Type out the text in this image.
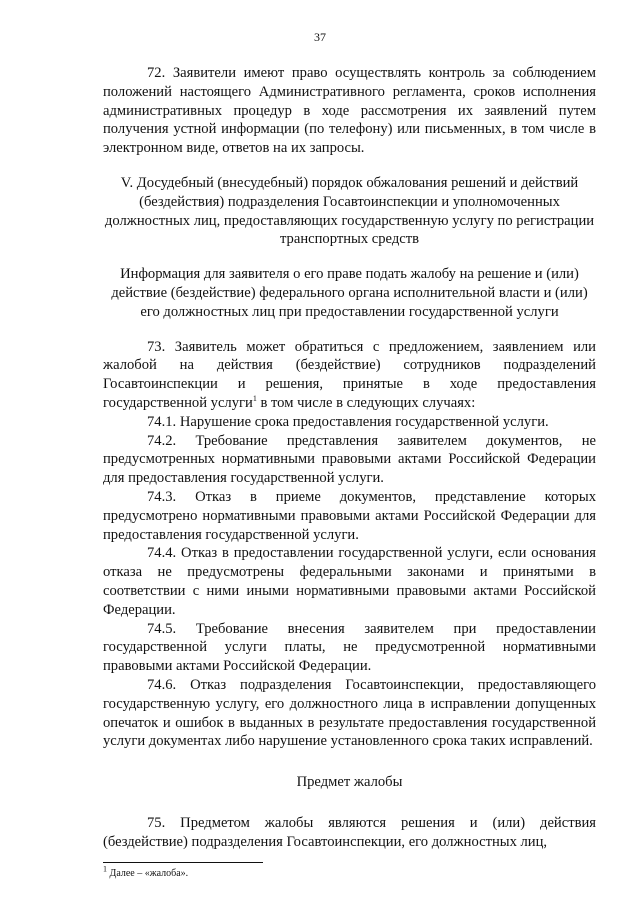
37

72. Заявители имеют право осуществлять контроль за соблюдением положений настоящего Административного регламента, сроков исполнения административных процедур в ходе рассмотрения их заявлений путем получения устной информации (по телефону) или письменных, в том числе в электронном виде, ответов на их запросы.

V. Досудебный (внесудебный) порядок обжалования решений и действий (бездействия) подразделения Госавтоинспекции и уполномоченных должностных лиц, предоставляющих государственную услугу по регистрации транспортных средств

Информация для заявителя о его праве подать жалобу на решение и (или) действие (бездействие) федерального органа исполнительной власти и (или) его должностных лиц при предоставлении государственной услуги

73. Заявитель может обратиться с предложением, заявлением или жалобой на действия (бездействие) сотрудников подразделений Госавтоинспекции и решения, принятые в ходе предоставления государственной услуги$^1$ в том числе в следующих случаях:

74.1. Нарушение срока предоставления государственной услуги.

74.2. Требование представления заявителем документов, не предусмотренных нормативными правовыми актами Российской Федерации для предоставления государственной услуги.

74.3. Отказ в приеме документов, представление которых предусмотрено нормативными правовыми актами Российской Федерации для предоставления государственной услуги.

74.4. Отказ в предоставлении государственной услуги, если основания отказа не предусмотрены федеральными законами и принятыми в соответствии с ними иными нормативными правовыми актами Российской Федерации.

74.5. Требование внесения заявителем при предоставлении государственной услуги платы, не предусмотренной нормативными правовыми актами Российской Федерации.

74.6. Отказ подразделения Госавтоинспекции, предоставляющего государственную услугу, его должностного лица в исправлении допущенных опечаток и ошибок в выданных в результате предоставления государственной услуги документах либо нарушение установленного срока таких исправлений.

Предмет жалобы

75. Предметом жалобы являются решения и (или) действия (бездействие) подразделения Госавтоинспекции, его должностных лиц,

$^1$ Далее – «жалоба».
